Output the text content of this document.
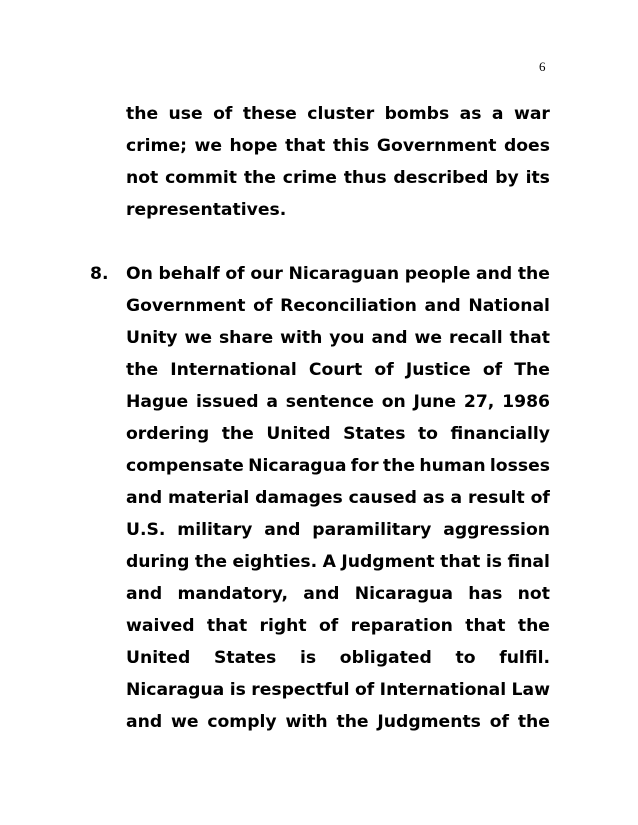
6
the use of these cluster bombs as a war
crime; we hope that this Government does
not commit the crime thus described by its
representatives.
8. On behalf of our Nicaraguan people and the
Government of Reconciliation and National
Unity we share with you and we recall that
the International Court of Justice of The
Hague issued a sentence on June 27, 1986
ordering the United States to financially
compensate Nicaragua for the human losses
and material damages caused as a result of
U.S. military and paramilitary aggression
during the eighties. A Judgment that is final
and mandatory, and Nicaragua has not
waived that right of reparation that the
United States is obligated to fulfil.
Nicaragua is respectful of International Law
and we comply with the Judgments of the
